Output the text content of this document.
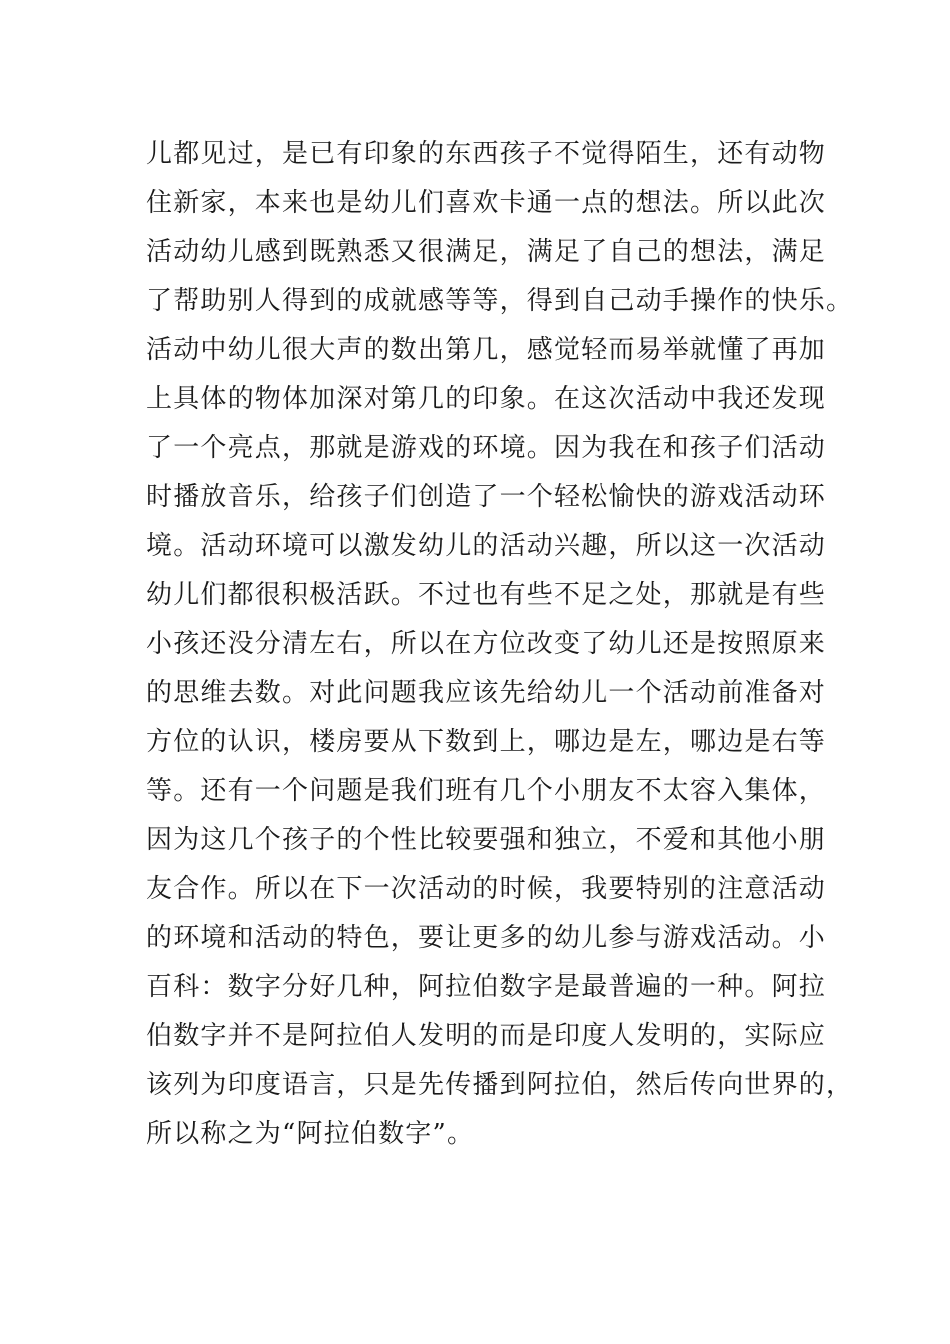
儿都见过，是已有印象的东西孩子不觉得陌生，还有动物
住新家，本来也是幼儿们喜欢卡通一点的想法。所以此次
活动幼儿感到既熟悉又很满足，满足了自己的想法，满足
了帮助别人得到的成就感等等，得到自己动手操作的快乐。
活动中幼儿很大声的数出第几，感觉轻而易举就懂了再加
上具体的物体加深对第几的印象。在这次活动中我还发现
了一个亮点，那就是游戏的环境。因为我在和孩子们活动
时播放音乐，给孩子们创造了一个轻松愉快的游戏活动环
境。活动环境可以激发幼儿的活动兴趣，所以这一次活动
幼儿们都很积极活跃。不过也有些不足之处，那就是有些
小孩还没分清左右，所以在方位改变了幼儿还是按照原来
的思维去数。对此问题我应该先给幼儿一个活动前准备对
方位的认识，楼房要从下数到上，哪边是左，哪边是右等
等。还有一个问题是我们班有几个小朋友不太容入集体，
因为这几个孩子的个性比较要强和独立，不爱和其他小朋
友合作。所以在下一次活动的时候，我要特别的注意活动
的环境和活动的特色，要让更多的幼儿参与游戏活动。小
百科：数字分好几种，阿拉伯数字是最普遍的一种。阿拉
伯数字并不是阿拉伯人发明的而是印度人发明的，实际应
该列为印度语言，只是先传播到阿拉伯，然后传向世界的，
所以称之为“阿拉伯数字”。
